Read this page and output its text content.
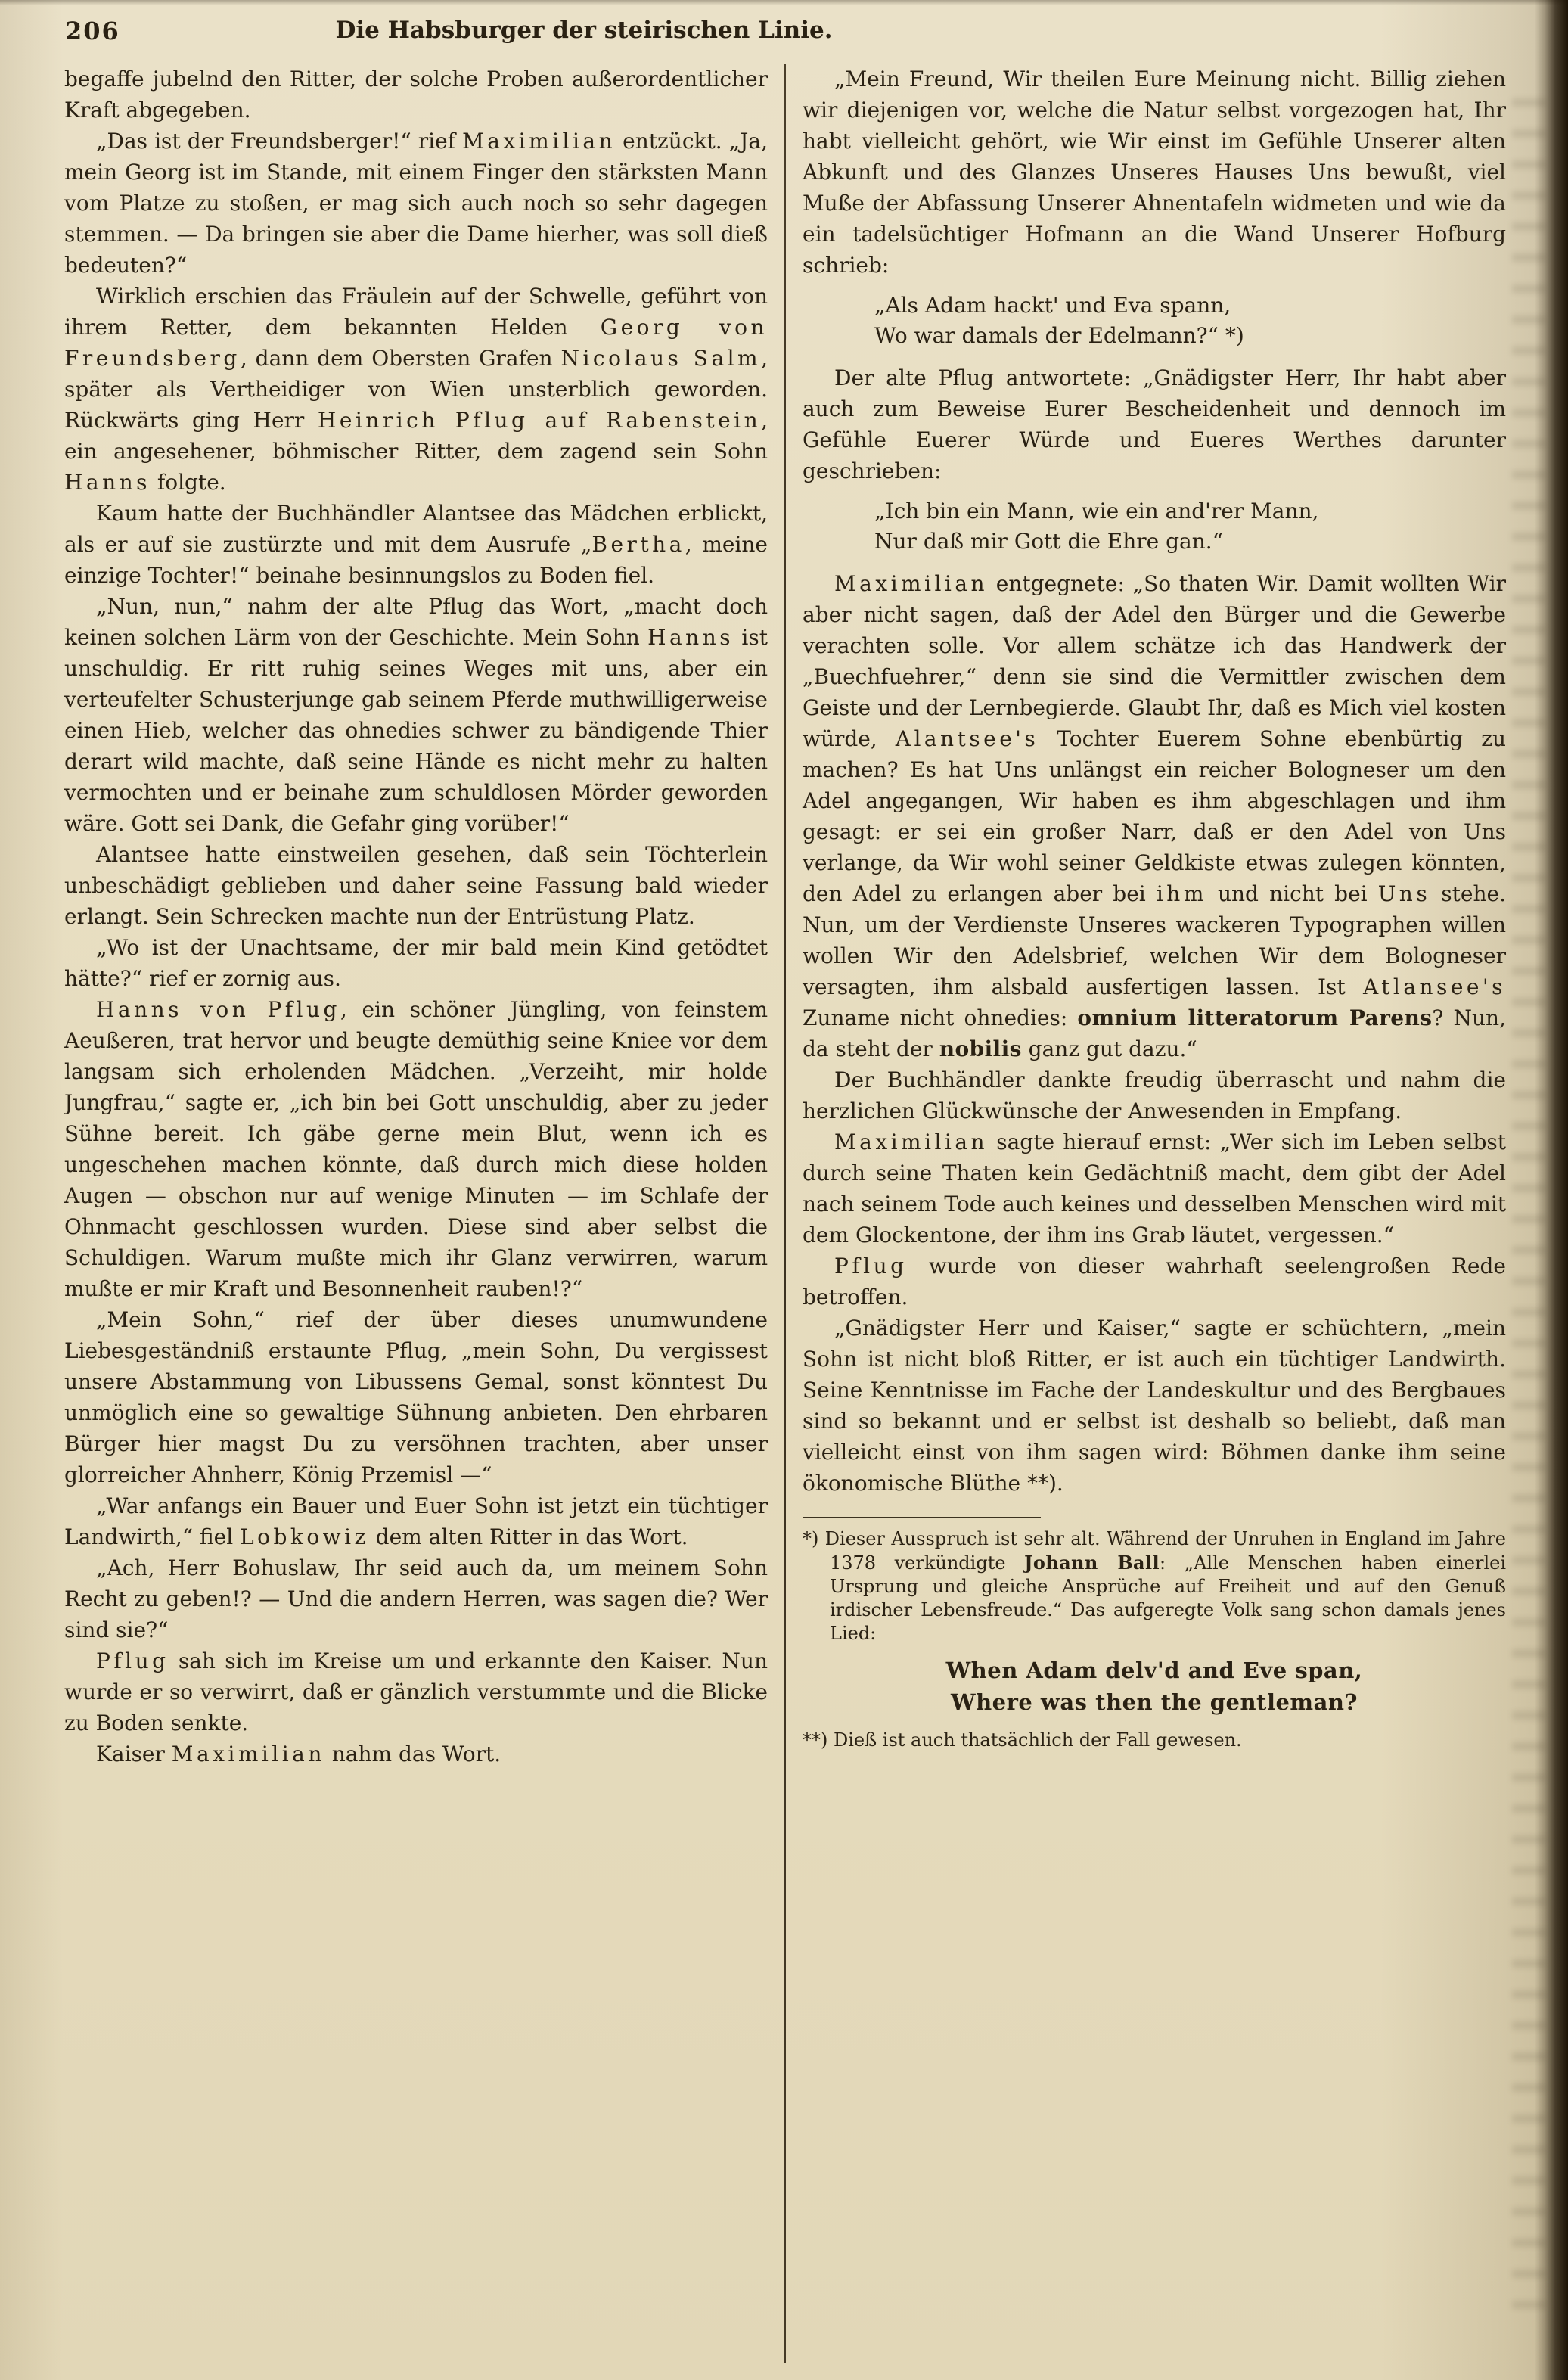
206	Die Habsburger der steirischen Linie.

begaffe jubelnd den Ritter, der solche Proben außerordentlicher Kraft abgegeben.

„Das ist der Freundsberger!“ rief Maximilian entzückt. „Ja, mein Georg ist im Stande, mit einem Finger den stärksten Mann vom Platze zu stoßen, er mag sich auch noch so sehr dagegen stemmen. — Da bringen sie aber die Dame hierher, was soll dieß bedeuten?“

Wirklich erschien das Fräulein auf der Schwelle, geführt von ihrem Retter, dem bekannten Helden Georg von Freundsberg, dann dem Obersten Grafen Nicolaus Salm, später als Vertheidiger von Wien unsterblich geworden. Rückwärts ging Herr Heinrich Pflug auf Rabenstein, ein angesehener, böhmischer Ritter, dem zagend sein Sohn Hanns folgte.

Kaum hatte der Buchhändler Alantsee das Mädchen erblickt, als er auf sie zustürzte und mit dem Ausrufe „Bertha, meine einzige Tochter!“ beinahe besinnungslos zu Boden fiel.

„Nun, nun,“ nahm der alte Pflug das Wort, „macht doch keinen solchen Lärm von der Geschichte. Mein Sohn Hanns ist unschuldig. Er ritt ruhig seines Weges mit uns, aber ein verteufelter Schusterjunge gab seinem Pferde muthwilligerweise einen Hieb, welcher das ohnedies schwer zu bändigende Thier derart wild machte, daß seine Hände es nicht mehr zu halten vermochten und er beinahe zum schuldlosen Mörder geworden wäre. Gott sei Dank, die Gefahr ging vorüber!“

Alantsee hatte einstweilen gesehen, daß sein Töchterlein unbeschädigt geblieben und daher seine Fassung bald wieder erlangt. Sein Schrecken machte nun der Entrüstung Platz.

„Wo ist der Unachtsame, der mir bald mein Kind getödtet hätte?“ rief er zornig aus.

Hanns von Pflug, ein schöner Jüngling, von feinstem Aeußeren, trat hervor und beugte demüthig seine Kniee vor dem langsam sich erholenden Mädchen. „Verzeiht, mir holde Jungfrau,“ sagte er, „ich bin bei Gott unschuldig, aber zu jeder Sühne bereit. Ich gäbe gerne mein Blut, wenn ich es ungeschehen machen könnte, daß durch mich diese holden Augen — obschon nur auf wenige Minuten — im Schlafe der Ohnmacht geschlossen wurden. Diese sind aber selbst die Schuldigen. Warum mußte mich ihr Glanz verwirren, warum mußte er mir Kraft und Besonnenheit rauben!?“

„Mein Sohn,“ rief der über dieses unumwundene Liebesgeständniß erstaunte Pflug, „mein Sohn, Du vergissest unsere Abstammung von Libussens Gemal, sonst könntest Du unmöglich eine so gewaltige Sühnung anbieten. Den ehrbaren Bürger hier magst Du zu versöhnen trachten, aber unser glorreicher Ahnherr, König Przemisl —“

„War anfangs ein Bauer und Euer Sohn ist jetzt ein tüchtiger Landwirth,“ fiel Lobkowiz dem alten Ritter in das Wort.

„Ach, Herr Bohuslaw, Ihr seid auch da, um meinem Sohn Recht zu geben!? — Und die andern Herren, was sagen die? Wer sind sie?“

Pflug sah sich im Kreise um und erkannte den Kaiser. Nun wurde er so verwirrt, daß er gänzlich verstummte und die Blicke zu Boden senkte.

Kaiser Maximilian nahm das Wort.

„Mein Freund, Wir theilen Eure Meinung nicht. Billig ziehen wir diejenigen vor, welche die Natur selbst vorgezogen hat, Ihr habt vielleicht gehört, wie Wir einst im Gefühle Unserer alten Abkunft und des Glanzes Unseres Hauses Uns bewußt, viel Muße der Abfassung Unserer Ahnentafeln widmeten und wie da ein tadelsüchtiger Hofmann an die Wand Unserer Hofburg schrieb:

„Als Adam hackt' und Eva spann,
Wo war damals der Edelmann?“ *)

Der alte Pflug antwortete: „Gnädigster Herr, Ihr habt aber auch zum Beweise Eurer Bescheidenheit und dennoch im Gefühle Euerer Würde und Eueres Werthes darunter geschrieben:

„Ich bin ein Mann, wie ein and'rer Mann,
Nur daß mir Gott die Ehre gan.“

Maximilian entgegnete: „So thaten Wir. Damit wollten Wir aber nicht sagen, daß der Adel den Bürger und die Gewerbe verachten solle. Vor allem schätze ich das Handwerk der „Buechfuehrer,“ denn sie sind die Vermittler zwischen dem Geiste und der Lernbegierde. Glaubt Ihr, daß es Mich viel kosten würde, Alantsee's Tochter Euerem Sohne ebenbürtig zu machen? Es hat Uns unlängst ein reicher Bologneser um den Adel angegangen, Wir haben es ihm abgeschlagen und ihm gesagt: er sei ein großer Narr, daß er den Adel von Uns verlange, da Wir wohl seiner Geldkiste etwas zulegen könnten, den Adel zu erlangen aber bei ihm und nicht bei Uns stehe. Nun, um der Verdienste Unseres wackeren Typographen willen wollen Wir den Adelsbrief, welchen Wir dem Bologneser versagten, ihm alsbald ausfertigen lassen. Ist Atlansee's Zuname nicht ohnedies: omnium litteratorum Parens? Nun, da steht der nobilis ganz gut dazu.“

Der Buchhändler dankte freudig überrascht und nahm die herzlichen Glückwünsche der Anwesenden in Empfang.

Maximilian sagte hierauf ernst: „Wer sich im Leben selbst durch seine Thaten kein Gedächtniß macht, dem gibt der Adel nach seinem Tode auch keines und desselben Menschen wird mit dem Glockentone, der ihm ins Grab läutet, vergessen.“

Pflug wurde von dieser wahrhaft seelengroßen Rede betroffen.

„Gnädigster Herr und Kaiser,“ sagte er schüchtern, „mein Sohn ist nicht bloß Ritter, er ist auch ein tüchtiger Landwirth. Seine Kenntnisse im Fache der Landeskultur und des Bergbaues sind so bekannt und er selbst ist deshalb so beliebt, daß man vielleicht einst von ihm sagen wird: Böhmen danke ihm seine ökonomische Blüthe **).

*) Dieser Ausspruch ist sehr alt. Während der Unruhen in England im Jahre 1378 verkündigte Johann Ball: „Alle Menschen haben einerlei Ursprung und gleiche Ansprüche auf Freiheit und auf den Genuß irdischer Lebensfreude.“ Das aufgeregte Volk sang schon damals jenes Lied:

When Adam delv'd and Eve span,
Where was then the gentleman?

**) Dieß ist auch thatsächlich der Fall gewesen.
